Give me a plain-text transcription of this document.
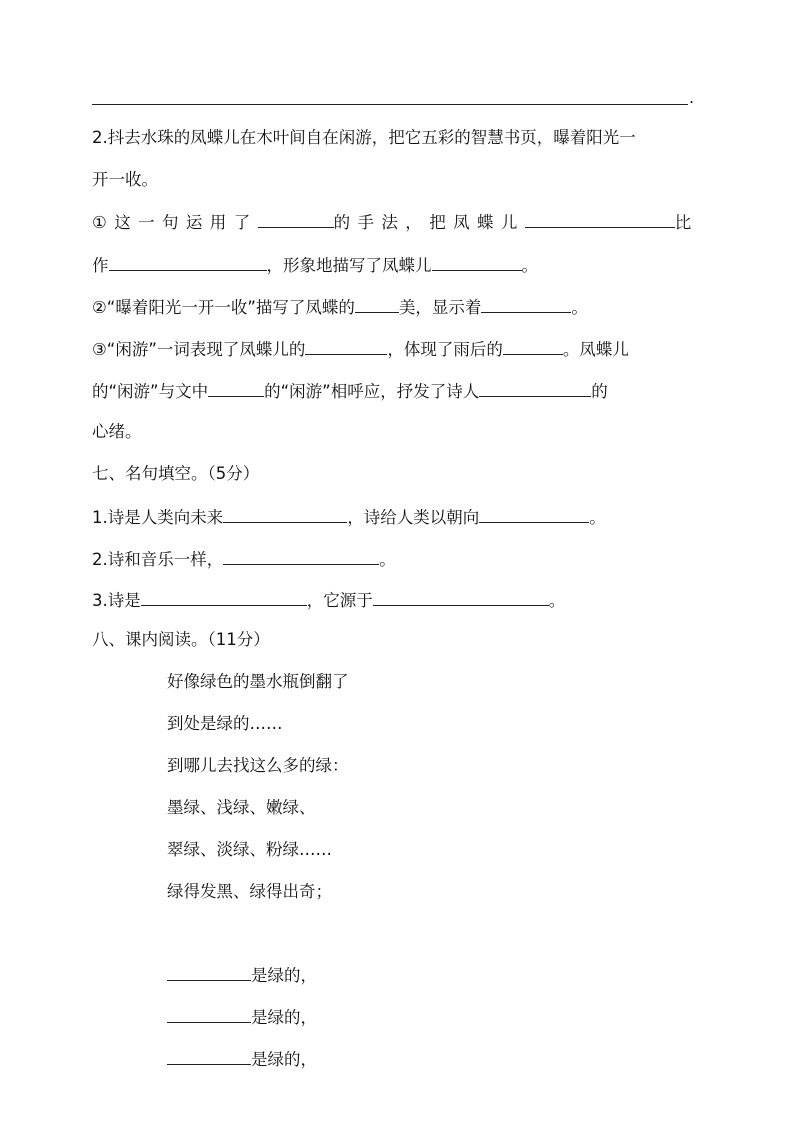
.
2.抖去水珠的凤蝶儿在木叶间自在闲游，把它五彩的智慧书页，曝着阳光一
开一收。
①这一句运用了	的手法，把凤蝶儿	比
作	，形象地描写了凤蝶儿	。
②“曝着阳光一开一收”描写了凤蝶的	美，显示着	。
③“闲游”一词表现了凤蝶儿的	，体现了雨后的	。凤蝶儿
的“闲游”与文中	的“闲游”相呼应，抒发了诗人	的
心绪。
七、名句填空。（5分）
1.诗是人类向未来	，诗给人类以朝向	。
2.诗和音乐一样，	。
3.诗是	，它源于	。
八、课内阅读。（11分）
好像绿色的墨水瓶倒翻了
到处是绿的……
到哪儿去找这么多的绿：
墨绿、浅绿、嫩绿、
翠绿、淡绿、粉绿……
绿得发黑、绿得出奇；
是绿的，
是绿的，
是绿的，
